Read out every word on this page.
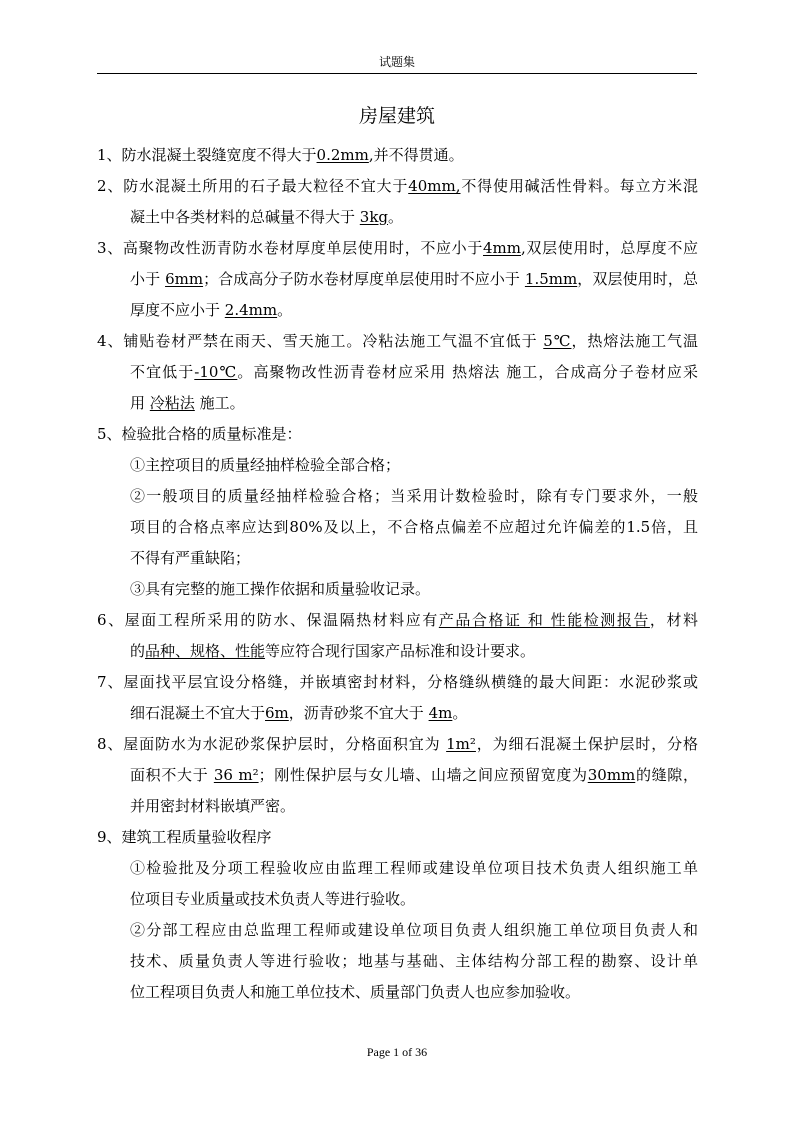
试题集
房屋建筑
1、防水混凝土裂缝宽度不得大于0.2mm,并不得贯通。
2、防水混凝土所用的石子最大粒径不宜大于40mm,不得使用碱活性骨料。每立方米混
凝土中各类材料的总碱量不得大于 3kg。
3、高聚物改性沥青防水卷材厚度单层使用时，不应小于4mm,双层使用时，总厚度不应
小于 6mm；合成高分子防水卷材厚度单层使用时不应小于 1.5mm，双层使用时，总
厚度不应小于 2.4mm。
4、铺贴卷材严禁在雨天、雪天施工。冷粘法施工气温不宜低于 5℃，热熔法施工气温
不宜低于-10℃。高聚物改性沥青卷材应采用 热熔法 施工，合成高分子卷材应采
用 冷粘法 施工。
5、检验批合格的质量标准是：
①主控项目的质量经抽样检验全部合格；
②一般项目的质量经抽样检验合格；当采用计数检验时，除有专门要求外，一般
项目的合格点率应达到80%及以上，不合格点偏差不应超过允许偏差的1.5倍，且
不得有严重缺陷；
③具有完整的施工操作依据和质量验收记录。
6、屋面工程所采用的防水、保温隔热材料应有产品合格证 和 性能检测报告，材料
的品种、规格、性能等应符合现行国家产品标准和设计要求。
7、屋面找平层宜设分格缝，并嵌填密封材料，分格缝纵横缝的最大间距：水泥砂浆或
细石混凝土不宜大于6m，沥青砂浆不宜大于 4m。
8、屋面防水为水泥砂浆保护层时，分格面积宜为 1m²，为细石混凝土保护层时，分格
面积不大于 36 m²；刚性保护层与女儿墙、山墙之间应预留宽度为30mm的缝隙，
并用密封材料嵌填严密。
9、建筑工程质量验收程序
①检验批及分项工程验收应由监理工程师或建设单位项目技术负责人组织施工单
位项目专业质量或技术负责人等进行验收。
②分部工程应由总监理工程师或建设单位项目负责人组织施工单位项目负责人和
技术、质量负责人等进行验收；地基与基础、主体结构分部工程的勘察、设计单
位工程项目负责人和施工单位技术、质量部门负责人也应参加验收。
Page 1 of 36
